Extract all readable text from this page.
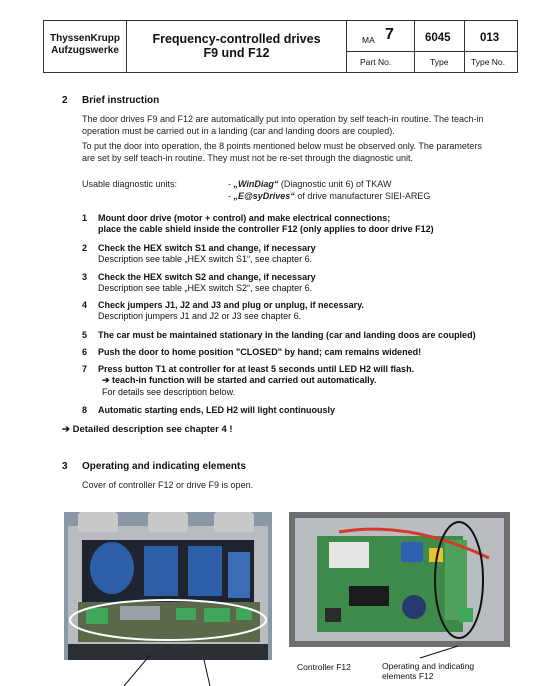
ThyssenKrupp
Aufzugswerke
Frequency-controlled drives
F9 und F12
MA 7
Part No.
6045
Type
013
Type No.
2 Brief instruction
The door drives F9 and F12 are automatically put into operation by self teach-in routine. The teach-in
operation must be carried out in a landing (car and landing doors are coupled).
To put the door into operation, the 8 points mentioned below must be observed only. The parameters
are set by self teach-in routine. They must not be re-set through the diagnostic unit.
Usable diagnostic units:	- „WinDiag“ (Diagnostic unit 6) of TKAW
- „E@syDrives“ of drive manufacturer SIEI-AREG
1 Mount door drive (motor + control) and make electrical connections;
place the cable shield inside the controller F12 (only applies to door drive F12)
2 Check the HEX switch S1 and change, if necessary
Description see table „HEX switch S1“, see chapter 6.
3 Check the HEX switch S2 and change, if necessary
Description see table „HEX switch S2“, see chapter 6.
4 Check jumpers J1, J2 and J3 and plug or unplug, if necessary.
Description jumpers J1 and J2 or J3 see chapter 6.
5 The car must be maintained stationary in the landing (car and landing doos are coupled)
6 Push the door to home position "CLOSED" by hand; cam remains widened!
7 Press button T1 at controller for at least 5 seconds until LED H2 will flash.
➔ teach-in function will be started and carried out automatically.
For details see description below.
8 Automatic starting ends, LED H2 will light continuously
➔ Detailed description see chapter 4 !
3 Operating and indicating elements
Cover of controller F12 or drive F9 is open.
Controller F12	Operating and indicating
elements F12
